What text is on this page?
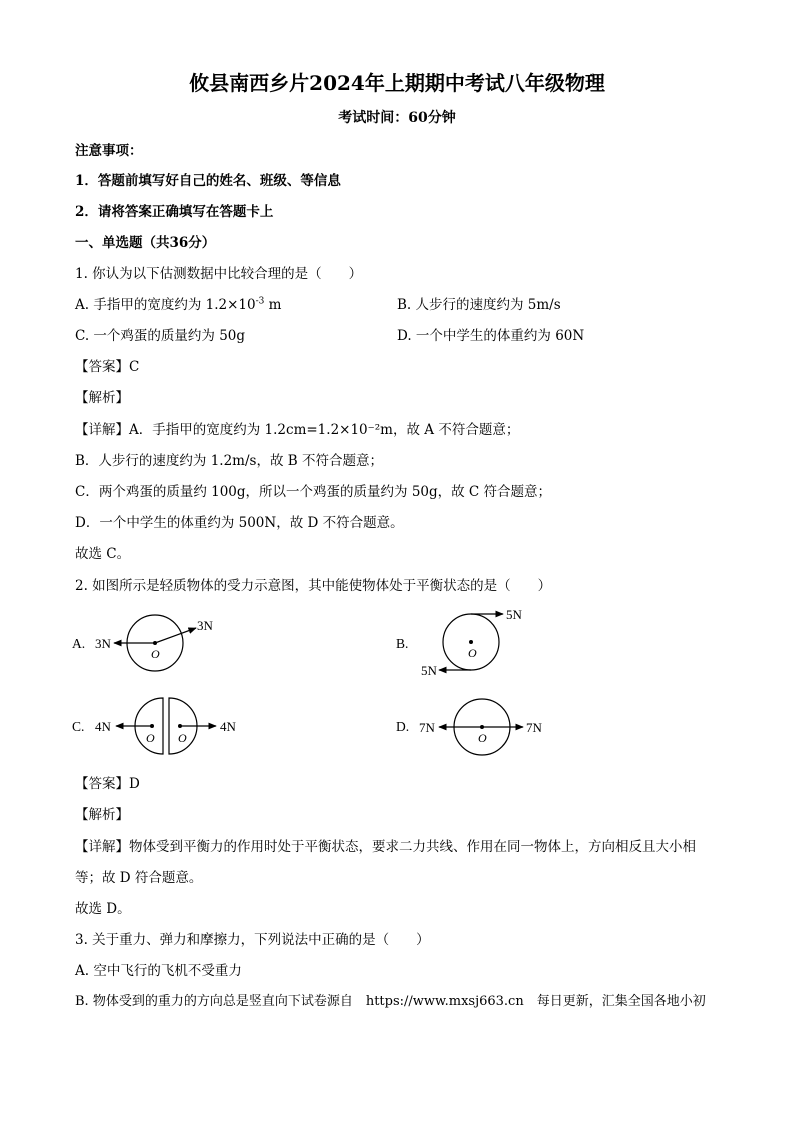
攸县南西乡片2024年上期期中考试八年级物理
考试时间：60分钟
注意事项：
1．答题前填写好自己的姓名、班级、等信息
2．请将答案正确填写在答题卡上
一、单选题（共36分）
1. 你认为以下估测数据中比较合理的是（　　）
A. 手指甲的宽度约为 $1.2\times 10^{-3}$ m	B. 人步行的速度约为 5m/s
C. 一个鸡蛋的质量约为 50g	D. 一个中学生的体重约为 60N
【答案】C
【解析】
【详解】A．手指甲的宽度约为 1.2cm=1.2×10⁻²m，故 A 不符合题意；
B．人步行的速度约为 1.2m/s，故 B 不符合题意；
C．两个鸡蛋的质量约 100g，所以一个鸡蛋的质量约为 50g，故 C 符合题意；
D．一个中学生的体重约为 500N，故 D 不符合题意。
故选 C。
2. 如图所示是轻质物体的受力示意图，其中能使物体处于平衡状态的是（　　）
A. 3N
3N
O
B.
5N
5N
O
C. 4N	4N
O O
D. 7N	7N
O
【答案】D
【解析】
【详解】物体受到平衡力的作用时处于平衡状态，要求二力共线、作用在同一物体上，方向相反且大小相
等；故 D 符合题意。
故选 D。
3. 关于重力、弹力和摩擦力，下列说法中正确的是（　　）
A. 空中飞行的飞机不受重力
B. 物体受到的重力的方向总是竖直向下试卷源自　https://www.mxsj663.cn　每日更新，汇集全国各地小初
